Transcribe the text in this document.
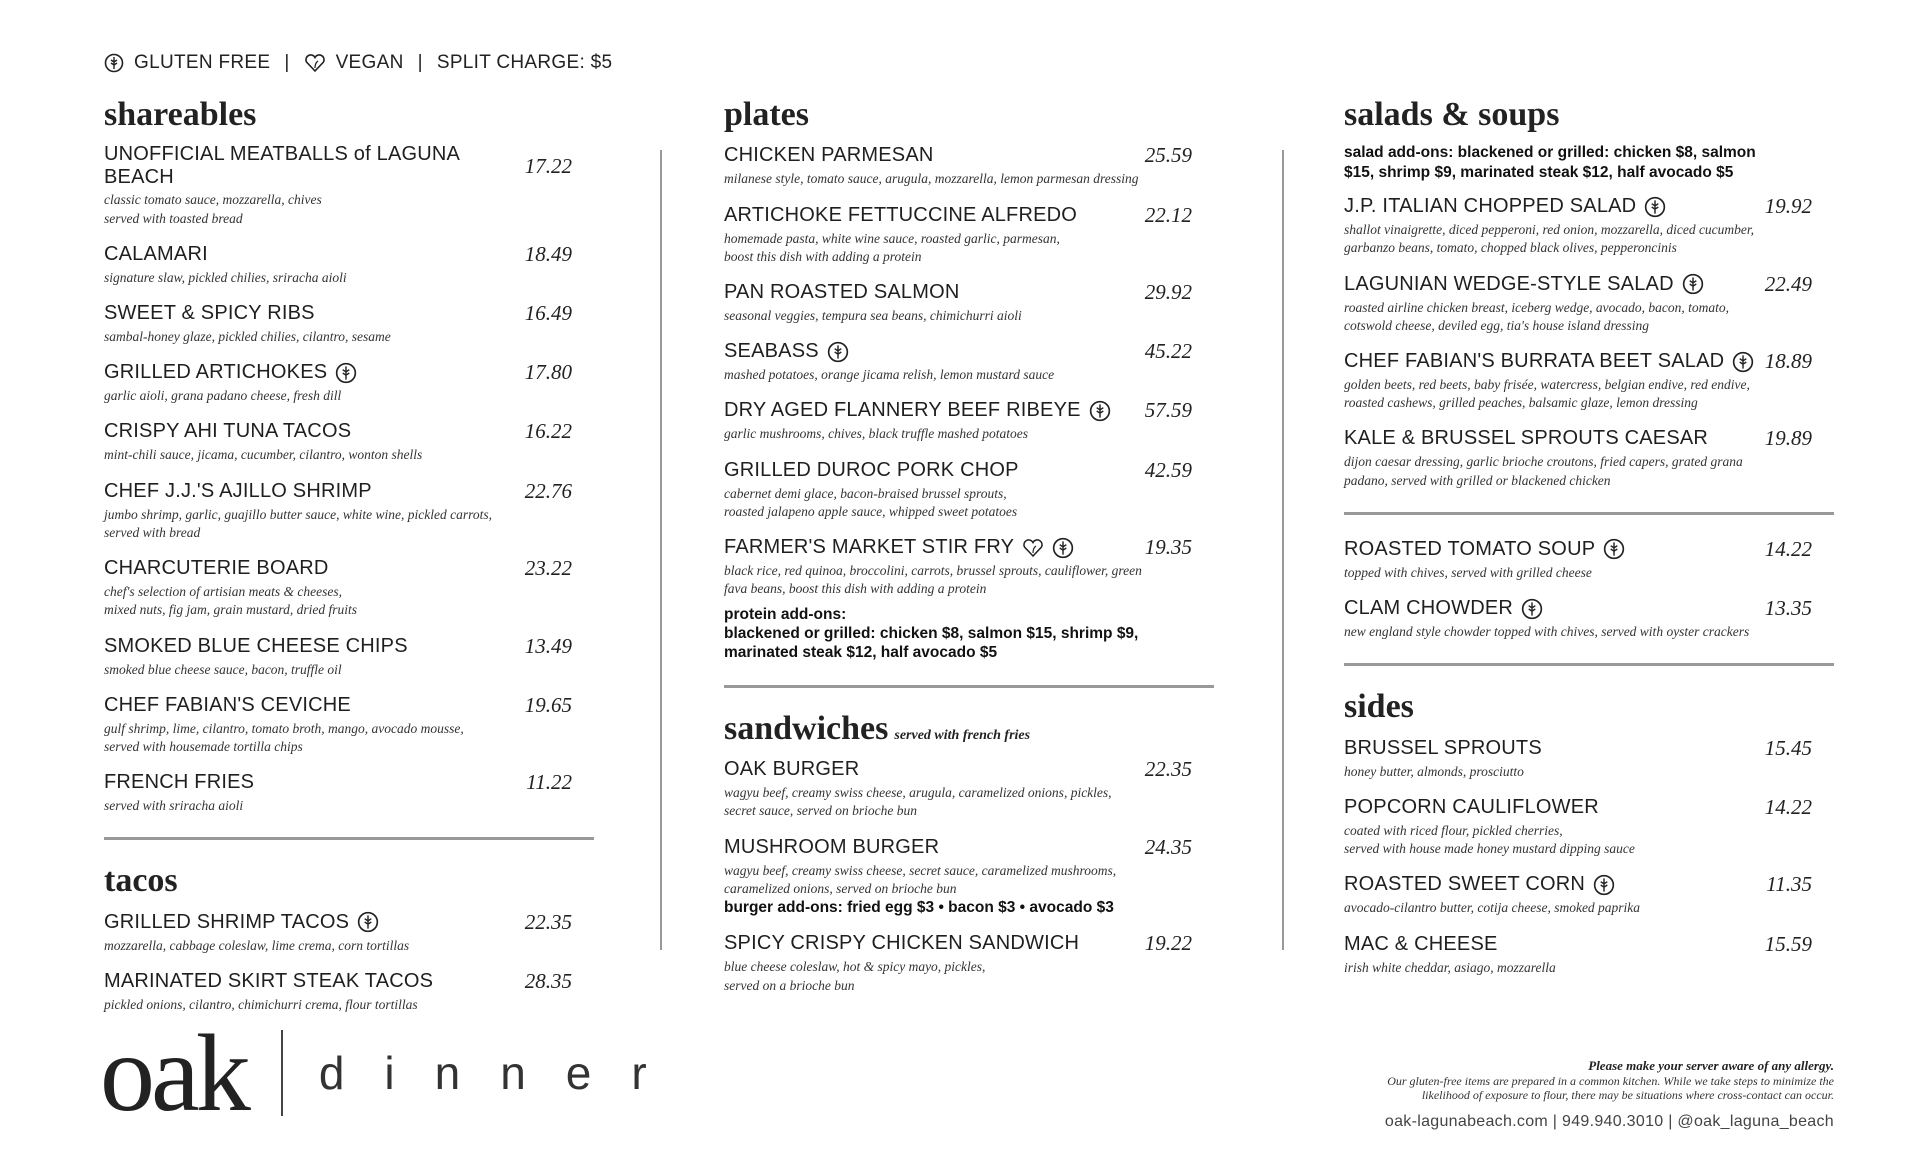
GLUTEN FREE | VEGAN | SPLIT CHARGE: $5
shareables
UNOFFICIAL MEATBALLS of LAGUNA BEACH	17.22
classic tomato sauce, mozzarella, chives
served with toasted bread
CALAMARI	18.49
signature slaw, pickled chilies, sriracha aioli
SWEET & SPICY RIBS	16.49
sambal-honey glaze, pickled chilies, cilantro, sesame
GRILLED ARTICHOKES	17.80
garlic aioli, grana padano cheese, fresh dill
CRISPY AHI TUNA TACOS	16.22
mint-chili sauce, jicama, cucumber, cilantro, wonton shells
CHEF J.J.'S AJILLO SHRIMP	22.76
jumbo shrimp, garlic, guajillo butter sauce, white wine, pickled carrots,
served with bread
CHARCUTERIE BOARD	23.22
chef's selection of artisian meats & cheeses,
mixed nuts, fig jam, grain mustard, dried fruits
SMOKED BLUE CHEESE CHIPS	13.49
smoked blue cheese sauce, bacon, truffle oil
CHEF FABIAN'S CEVICHE	19.65
gulf shrimp, lime, cilantro, tomato broth, mango, avocado mousse,
served with housemade tortilla chips
FRENCH FRIES	11.22
served with sriracha aioli
tacos
GRILLED SHRIMP TACOS	22.35
mozzarella, cabbage coleslaw, lime crema, corn tortillas
MARINATED SKIRT STEAK TACOS	28.35
pickled onions, cilantro, chimichurri crema, flour tortillas
plates
CHICKEN PARMESAN	25.59
milanese style, tomato sauce, arugula, mozzarella, lemon parmesan dressing
ARTICHOKE FETTUCCINE ALFREDO	22.12
homemade pasta, white wine sauce, roasted garlic, parmesan,
boost this dish with adding a protein
PAN ROASTED SALMON	29.92
seasonal veggies, tempura sea beans, chimichurri aioli
SEABASS	45.22
mashed potatoes, orange jicama relish, lemon mustard sauce
DRY AGED FLANNERY BEEF RIBEYE	57.59
garlic mushrooms, chives, black truffle mashed potatoes
GRILLED DUROC PORK CHOP	42.59
cabernet demi glace, bacon-braised brussel sprouts,
roasted jalapeno apple sauce, whipped sweet potatoes
FARMER'S MARKET STIR FRY	19.35
black rice, red quinoa, broccolini, carrots, brussel sprouts, cauliflower, green
fava beans, boost this dish with adding a protein
protein add-ons:
blackened or grilled: chicken $8, salmon $15, shrimp $9,
marinated steak $12, half avocado $5
sandwiches served with french fries
OAK BURGER	22.35
wagyu beef, creamy swiss cheese, arugula, caramelized onions, pickles,
secret sauce, served on brioche bun
MUSHROOM BURGER	24.35
wagyu beef, creamy swiss cheese, secret sauce, caramelized mushrooms,
caramelized onions, served on brioche bun
burger add-ons: fried egg $3 • bacon $3 • avocado $3
SPICY CRISPY CHICKEN SANDWICH	19.22
blue cheese coleslaw, hot & spicy mayo, pickles,
served on a brioche bun
salads & soups
salad add-ons: blackened or grilled: chicken $8, salmon
$15, shrimp $9, marinated steak $12, half avocado $5
J.P. ITALIAN CHOPPED SALAD	19.92
shallot vinaigrette, diced pepperoni, red onion, mozzarella, diced cucumber,
garbanzo beans, tomato, chopped black olives, pepperoncinis
LAGUNIAN WEDGE-STYLE SALAD	22.49
roasted airline chicken breast, iceberg wedge, avocado, bacon, tomato,
cotswold cheese, deviled egg, tia's house island dressing
CHEF FABIAN'S BURRATA BEET SALAD 18.89
golden beets, red beets, baby frisée, watercress, belgian endive, red endive,
roasted cashews, grilled peaches, balsamic glaze, lemon dressing
KALE & BRUSSEL SPROUTS CAESAR	19.89
dijon caesar dressing, garlic brioche croutons, fried capers, grated grana
padano, served with grilled or blackened chicken
ROASTED TOMATO SOUP	14.22
topped with chives, served with grilled cheese
CLAM CHOWDER	13.35
new england style chowder topped with chives, served with oyster crackers
sides
BRUSSEL SPROUTS	15.45
honey butter, almonds, prosciutto
POPCORN CAULIFLOWER	14.22
coated with riced flour, pickled cherries,
served with house made honey mustard dipping sauce
ROASTED SWEET CORN	11.35
avocado-cilantro butter, cotija cheese, smoked paprika
MAC & CHEESE	15.59
irish white cheddar, asiago, mozzarella
oak dinner	Please make your server aware of any allergy.
Our gluten-free items are prepared in a common kitchen. While we take steps to minimize the
likelihood of exposure to flour, there may be situations where cross-contact can occur.
oak-lagunabeach.com | 949.940.3010 | @oak_laguna_beach
